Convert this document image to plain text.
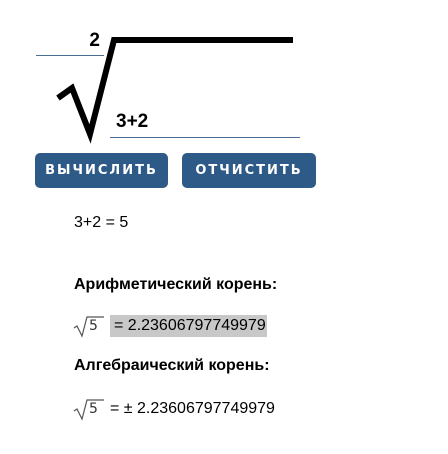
2
3+2
ВЫЧИСЛИТЬ	ОТЧИСТИТЬ
3+2 = 5
Арифметический корень:
5 = 2.23606797749979
Алгебраический корень:
5 = ± 2.23606797749979
